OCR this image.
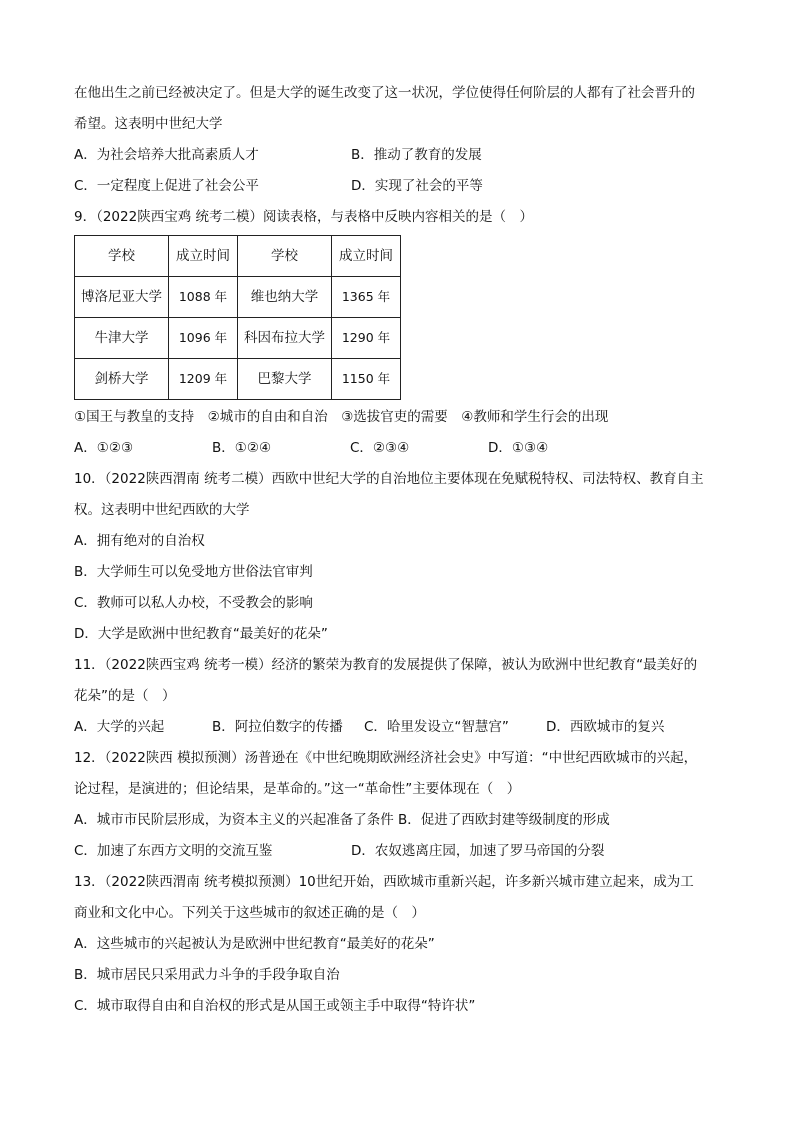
在他出生之前已经被决定了。但是大学的诞生改变了这一状况，学位使得任何阶层的人都有了社会晋升的
希望。这表明中世纪大学
A．为社会培养大批高素质人才	B．推动了教育的发展
C．一定程度上促进了社会公平	D．实现了社会的平等
9．（2022陕西宝鸡 统考二模）阅读表格，与表格中反映内容相关的是（　）
学校	成立时间	学校	成立时间
博洛尼亚大学	1088 年	维也纳大学	1365 年
牛津大学	1096 年	科因布拉大学	1290 年
剑桥大学	1209 年	巴黎大学	1150 年
①国王与教皇的支持　②城市的自由和自治　③选拔官吏的需要　④教师和学生行会的出现
A．①②③	B．①②④	C．②③④	D．①③④
10．（2022陕西渭南 统考二模）西欧中世纪大学的自治地位主要体现在免赋税特权、司法特权、教育自主
权。这表明中世纪西欧的大学
A．拥有绝对的自治权
B．大学师生可以免受地方世俗法官审判
C．教师可以私人办校，不受教会的影响
D．大学是欧洲中世纪教育“最美好的花朵”
11．（2022陕西宝鸡 统考一模）经济的繁荣为教育的发展提供了保障，被认为欧洲中世纪教育“最美好的
花朵”的是（　）
A．大学的兴起	B．阿拉伯数字的传播	C．哈里发设立“智慧宫”	D．西欧城市的复兴
12．（2022陕西 模拟预测）汤普逊在《中世纪晚期欧洲经济社会史》中写道：“中世纪西欧城市的兴起，
论过程，是演进的；但论结果，是革命的。”这一“革命性”主要体现在（　）
A．城市市民阶层形成，为资本主义的兴起准备了条件 B．促进了西欧封建等级制度的形成
C．加速了东西方文明的交流互鉴	D．农奴逃离庄园，加速了罗马帝国的分裂
13．（2022陕西渭南 统考模拟预测）10世纪开始，西欧城市重新兴起，许多新兴城市建立起来，成为工
商业和文化中心。下列关于这些城市的叙述正确的是（　）
A．这些城市的兴起被认为是欧洲中世纪教育“最美好的花朵”
B．城市居民只采用武力斗争的手段争取自治
C．城市取得自由和自治权的形式是从国王或领主手中取得“特许状”
